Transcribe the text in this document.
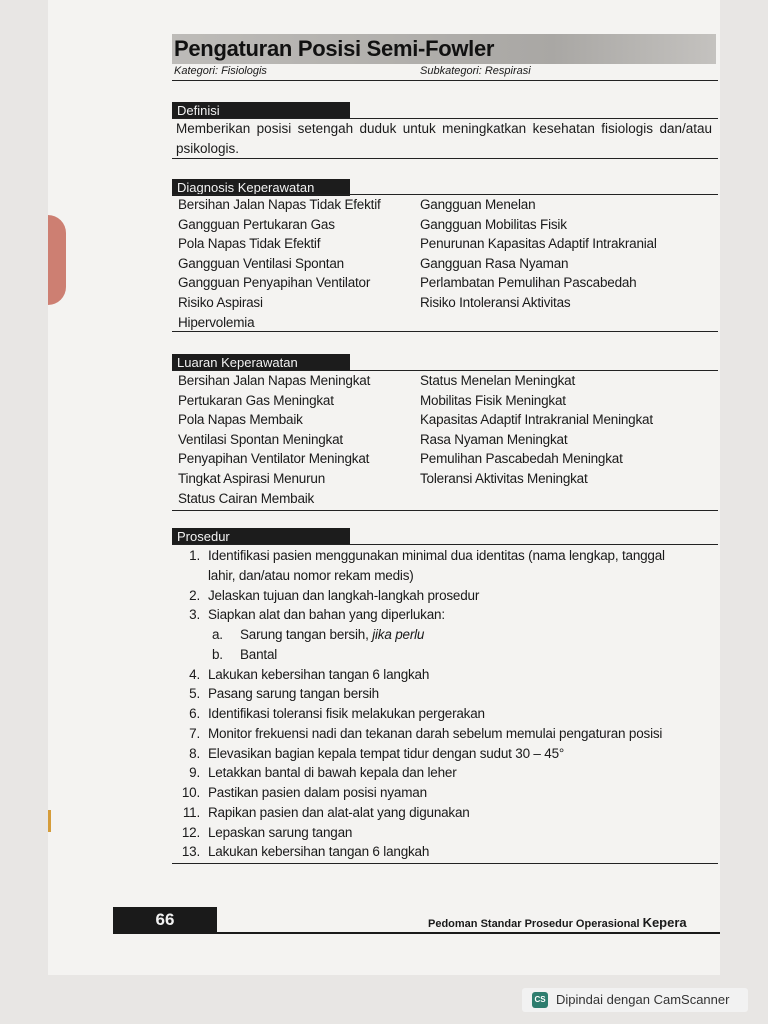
Pengaturan Posisi Semi-Fowler
Kategori: Fisiologis	Subkategori: Respirasi
Definisi
Memberikan posisi setengah duduk untuk meningkatkan kesehatan fisiologis dan/atau psikologis.
Diagnosis Keperawatan
Bersihan Jalan Napas Tidak Efektif
Gangguan Pertukaran Gas
Pola Napas Tidak Efektif
Gangguan Ventilasi Spontan
Gangguan Penyapihan Ventilator
Risiko Aspirasi
Hipervolemia
Gangguan Menelan
Gangguan Mobilitas Fisik
Penurunan Kapasitas Adaptif Intrakranial
Gangguan Rasa Nyaman
Perlambatan Pemulihan Pascabedah
Risiko Intoleransi Aktivitas
Luaran Keperawatan
Bersihan Jalan Napas Meningkat
Pertukaran Gas Meningkat
Pola Napas Membaik
Ventilasi Spontan Meningkat
Penyapihan Ventilator Meningkat
Tingkat Aspirasi Menurun
Status Cairan Membaik
Status Menelan Meningkat
Mobilitas Fisik Meningkat
Kapasitas Adaptif Intrakranial Meningkat
Rasa Nyaman Meningkat
Pemulihan Pascabedah Meningkat
Toleransi Aktivitas Meningkat
Prosedur
1. Identifikasi pasien menggunakan minimal dua identitas (nama lengkap, tanggal
lahir, dan/atau nomor rekam medis)
2. Jelaskan tujuan dan langkah-langkah prosedur
3. Siapkan alat dan bahan yang diperlukan:
4. Lakukan kebersihan tangan 6 langkah
5. Pasang sarung tangan bersih
6. Identifikasi toleransi fisik melakukan pergerakan
7. Monitor frekuensi nadi dan tekanan darah sebelum memulai pengaturan posisi
8. Elevasikan bagian kepala tempat tidur dengan sudut 30 – 45°
9. Letakkan bantal di bawah kepala dan leher
10. Pastikan pasien dalam posisi nyaman
11. Rapikan pasien dan alat-alat yang digunakan
12. Lepaskan sarung tangan
13. Lakukan kebersihan tangan 6 langkah
a. Sarung tangan bersih, jika perlu
b. Bantal
66	Pedoman Standar Prosedur Operasional Kepera
CS Dipindai dengan CamScanner
